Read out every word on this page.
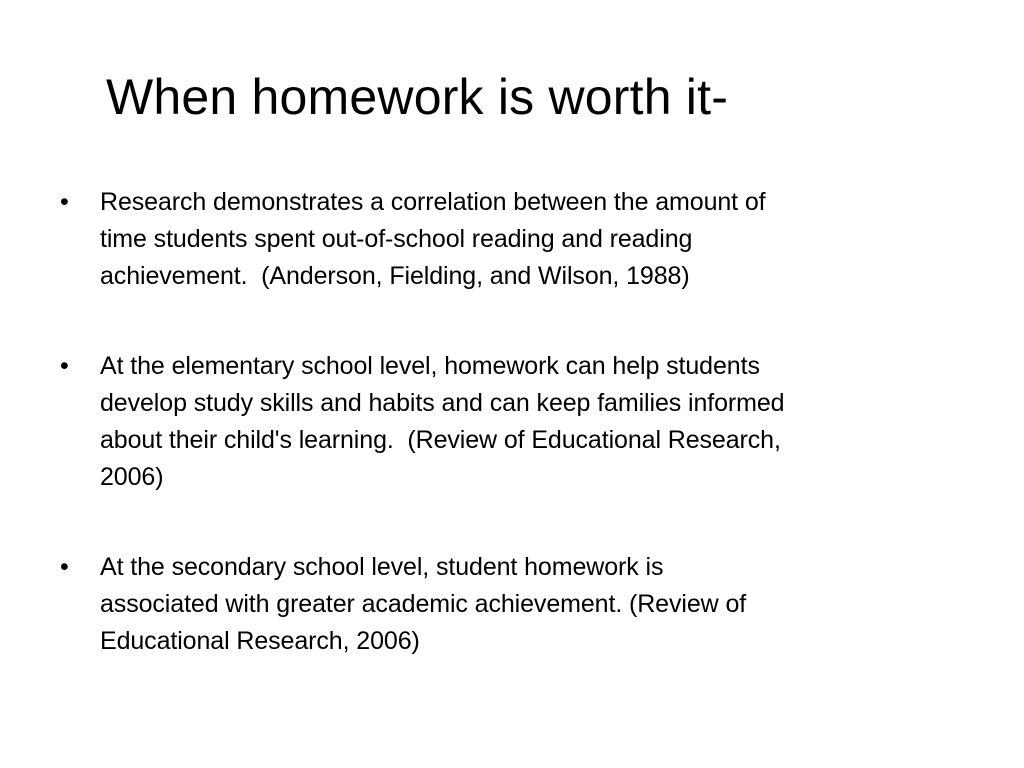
When homework is worth it-
• Research demonstrates a correlation between the amount of
time students spent out-of-school reading and reading
achievement.  (Anderson, Fielding, and Wilson, 1988)
• At the elementary school level, homework can help students
develop study skills and habits and can keep families informed
about their child's learning.  (Review of Educational Research,
2006)
• At the secondary school level, student homework is
associated with greater academic achievement. (Review of
Educational Research, 2006)
